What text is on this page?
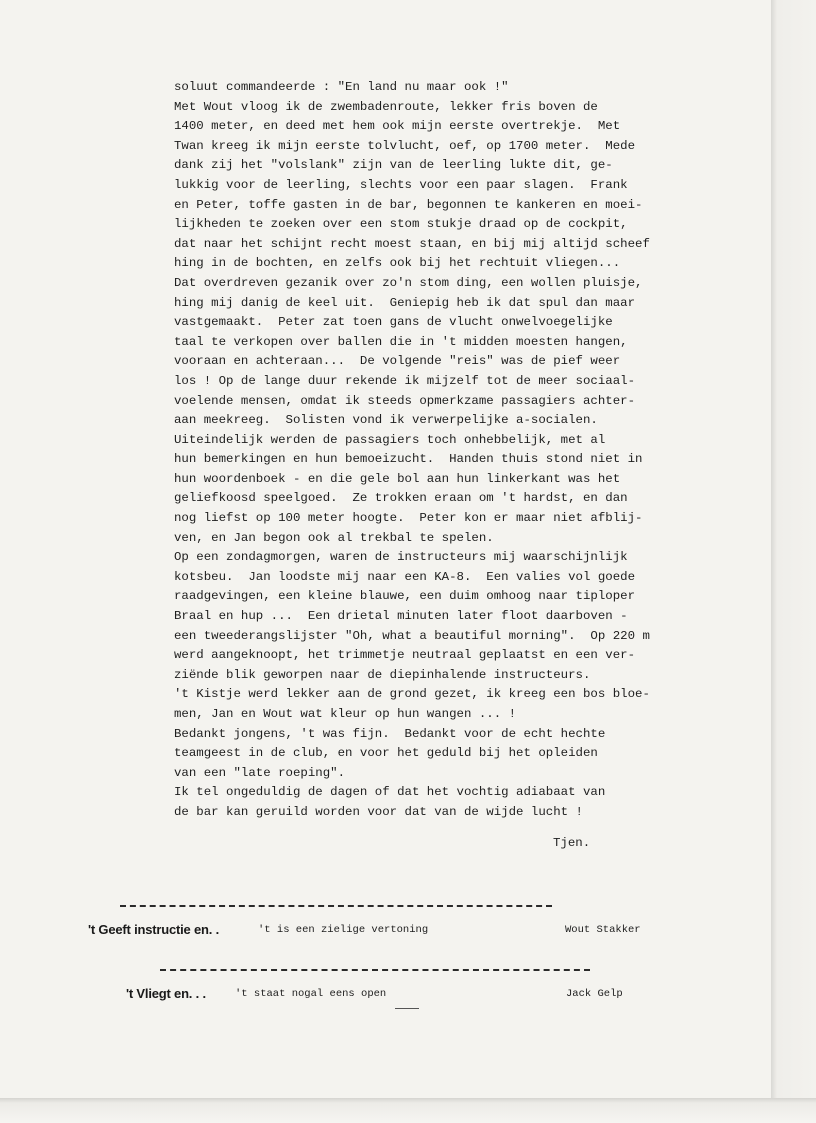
soluut commandeerde : "En land nu maar ook !"
Met Wout vloog ik de zwembadenroute, lekker fris boven de
1400 meter, en deed met hem ook mijn eerste overtrekje.  Met
Twan kreeg ik mijn eerste tolvlucht, oef, op 1700 meter.  Mede
dank zij het "volslank" zijn van de leerling lukte dit, ge-
lukkig voor de leerling, slechts voor een paar slagen.  Frank
en Peter, toffe gasten in de bar, begonnen te kankeren en moei-
lijkheden te zoeken over een stom stukje draad op de cockpit,
dat naar het schijnt recht moest staan, en bij mij altijd scheef
hing in de bochten, en zelfs ook bij het rechtuit vliegen...
Dat overdreven gezanik over zo'n stom ding, een wollen pluisje,
hing mij danig de keel uit.  Geniepig heb ik dat spul dan maar
vastgemaakt.  Peter zat toen gans de vlucht onwelvoegelijke
taal te verkopen over ballen die in 't midden moesten hangen,
vooraan en achteraan...  De volgende "reis" was de pief weer
los ! Op de lange duur rekende ik mijzelf tot de meer sociaal-
voelende mensen, omdat ik steeds opmerkzame passagiers achter-
aan meekreeg.  Solisten vond ik verwerpelijke a-socialen.
Uiteindelijk werden de passagiers toch onhebbelijk, met al
hun bemerkingen en hun bemoeizucht.  Handen thuis stond niet in
hun woordenboek - en die gele bol aan hun linkerkant was het
geliefkoosd speelgoed.  Ze trokken eraan om 't hardst, en dan
nog liefst op 100 meter hoogte.  Peter kon er maar niet afblij-
ven, en Jan begon ook al trekbal te spelen.
Op een zondagmorgen, waren de instructeurs mij waarschijnlijk
kotsbeu.  Jan loodste mij naar een KA-8.  Een valies vol goede
raadgevingen, een kleine blauwe, een duim omhoog naar tiploper
Braal en hup ...  Een drietal minuten later floot daarboven -
een tweederangslijster "Oh, what a beautiful morning".  Op 220 m
werd aangeknoopt, het trimmetje neutraal geplaatst en een ver-
ziënde blik geworpen naar de diepinhalende instructeurs.
't Kistje werd lekker aan de grond gezet, ik kreeg een bos bloe-
men, Jan en Wout wat kleur op hun wangen ... !
Bedankt jongens, 't was fijn.  Bedankt voor de echt hechte
teamgeest in de club, en voor het geduld bij het opleiden
van een "late roeping".
Ik tel ongeduldig de dagen of dat het vochtig adiabaat van
de bar kan geruild worden voor dat van de wijde lucht !
Tjen.
't Geeft instructie en. .	't is een zielige vertoning	Wout Stakker
't Vliegt en. . .	't staat nogal eens open	Jack Gelp
